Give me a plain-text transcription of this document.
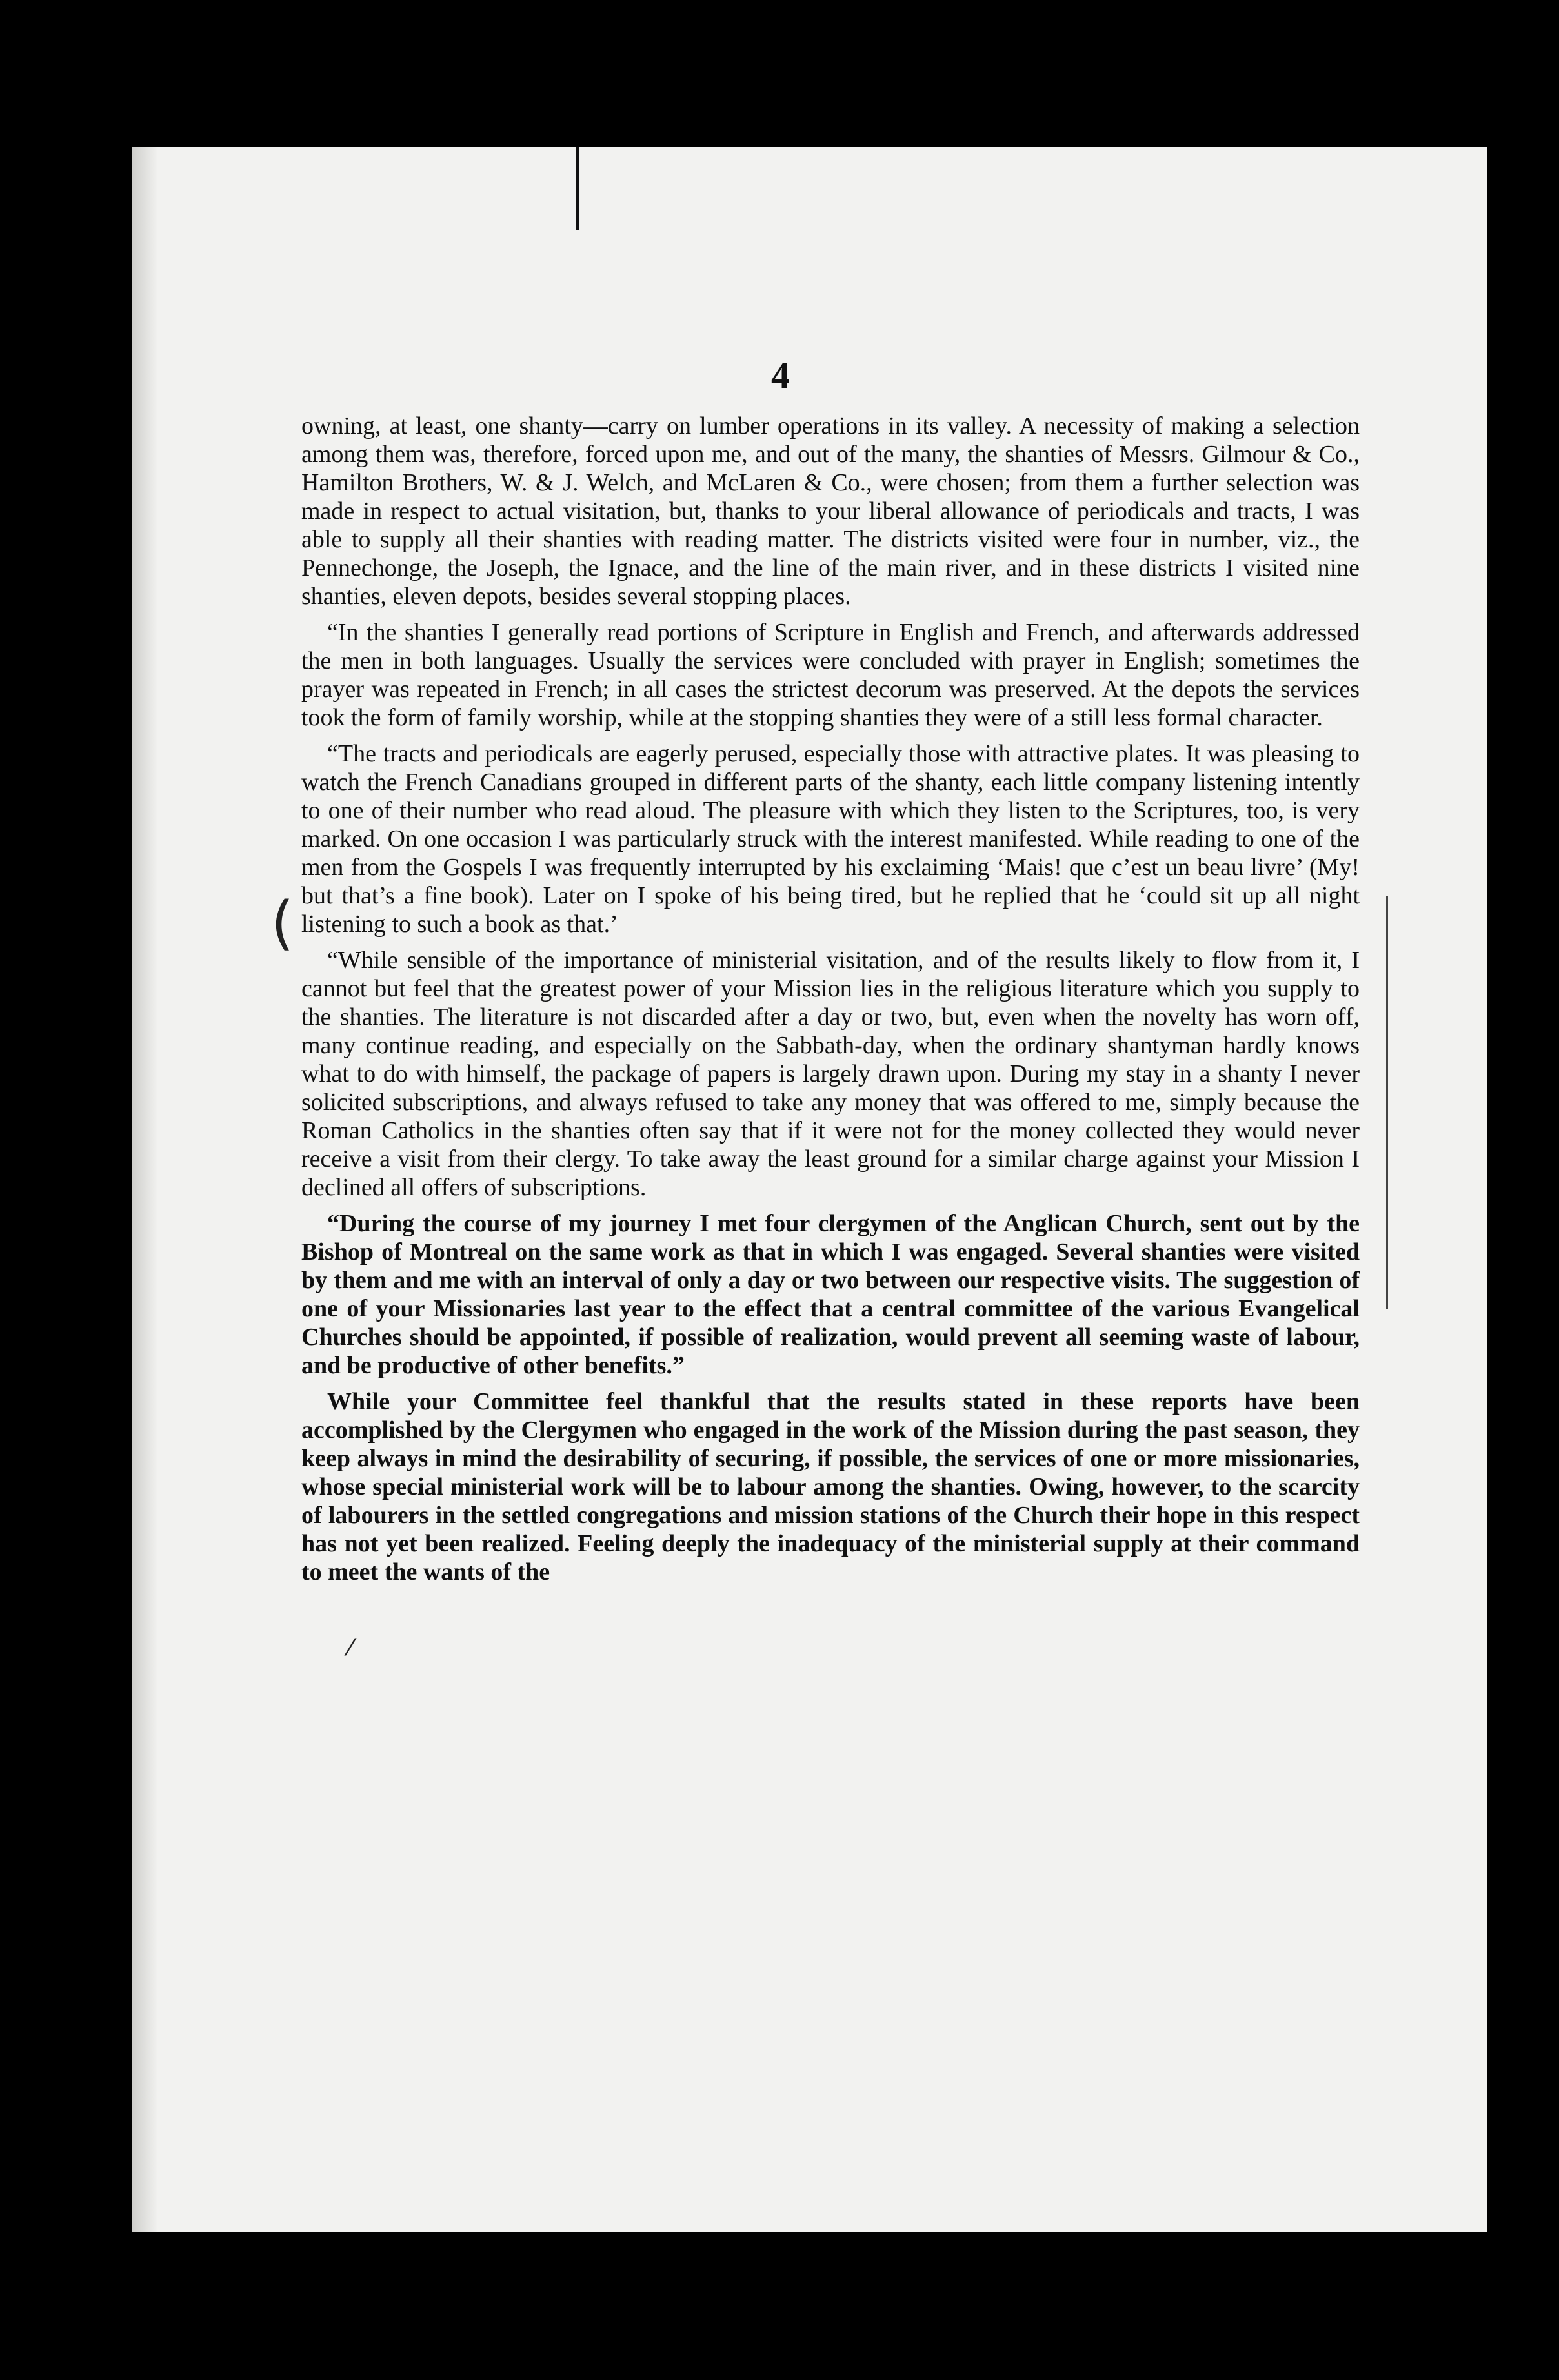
(
⁄
4

owning, at least, one shanty—carry on lumber operations in its valley. A necessity of making a selection among them was, therefore, forced upon me, and out of the many, the shanties of Messrs. Gilmour & Co., Hamilton Brothers, W. & J. Welch, and McLaren & Co., were chosen; from them a further selection was made in respect to actual visitation, but, thanks to your liberal allowance of periodicals and tracts, I was able to supply all their shanties with reading matter. The districts visited were four in number, viz., the Pennechonge, the Joseph, the Ignace, and the line of the main river, and in these districts I visited nine shanties, eleven depots, besides several stopping places.

“In the shanties I generally read portions of Scripture in English and French, and afterwards addressed the men in both languages. Usually the services were concluded with prayer in English; sometimes the prayer was repeated in French; in all cases the strictest decorum was preserved. At the depots the services took the form of family worship, while at the stopping shanties they were of a still less formal character.

“The tracts and periodicals are eagerly perused, especially those with attractive plates. It was pleasing to watch the French Canadians grouped in different parts of the shanty, each little company listening intently to one of their number who read aloud. The pleasure with which they listen to the Scriptures, too, is very marked. On one occasion I was particularly struck with the interest manifested. While reading to one of the men from the Gospels I was frequently interrupted by his exclaiming ‘Mais! que c’est un beau livre’ (My! but that’s a fine book). Later on I spoke of his being tired, but he replied that he ‘could sit up all night listening to such a book as that.’

“While sensible of the importance of ministerial visitation, and of the results likely to flow from it, I cannot but feel that the greatest power of your Mission lies in the religious literature which you supply to the shanties. The literature is not discarded after a day or two, but, even when the novelty has worn off, many continue reading, and especially on the Sabbath-day, when the ordinary shantyman hardly knows what to do with himself, the package of papers is largely drawn upon. During my stay in a shanty I never solicited subscriptions, and always refused to take any money that was offered to me, simply because the Roman Catholics in the shanties often say that if it were not for the money collected they would never receive a visit from their clergy. To take away the least ground for a similar charge against your Mission I declined all offers of subscriptions.

“During the course of my journey I met four clergymen of the Anglican Church, sent out by the Bishop of Montreal on the same work as that in which I was engaged. Several shanties were visited by them and me with an interval of only a day or two between our respective visits. The suggestion of one of your Missionaries last year to the effect that a central committee of the various Evangelical Churches should be appointed, if possible of realization, would prevent all seeming waste of labour, and be productive of other benefits.”

While your Committee feel thankful that the results stated in these reports have been accomplished by the Clergymen who engaged in the work of the Mission during the past season, they keep always in mind the desirability of securing, if possible, the services of one or more missionaries, whose special ministerial work will be to labour among the shanties. Owing, however, to the scarcity of labourers in the settled congregations and mission stations of the Church their hope in this respect has not yet been realized. Feeling deeply the inadequacy of the ministerial supply at their command to meet the wants of the
